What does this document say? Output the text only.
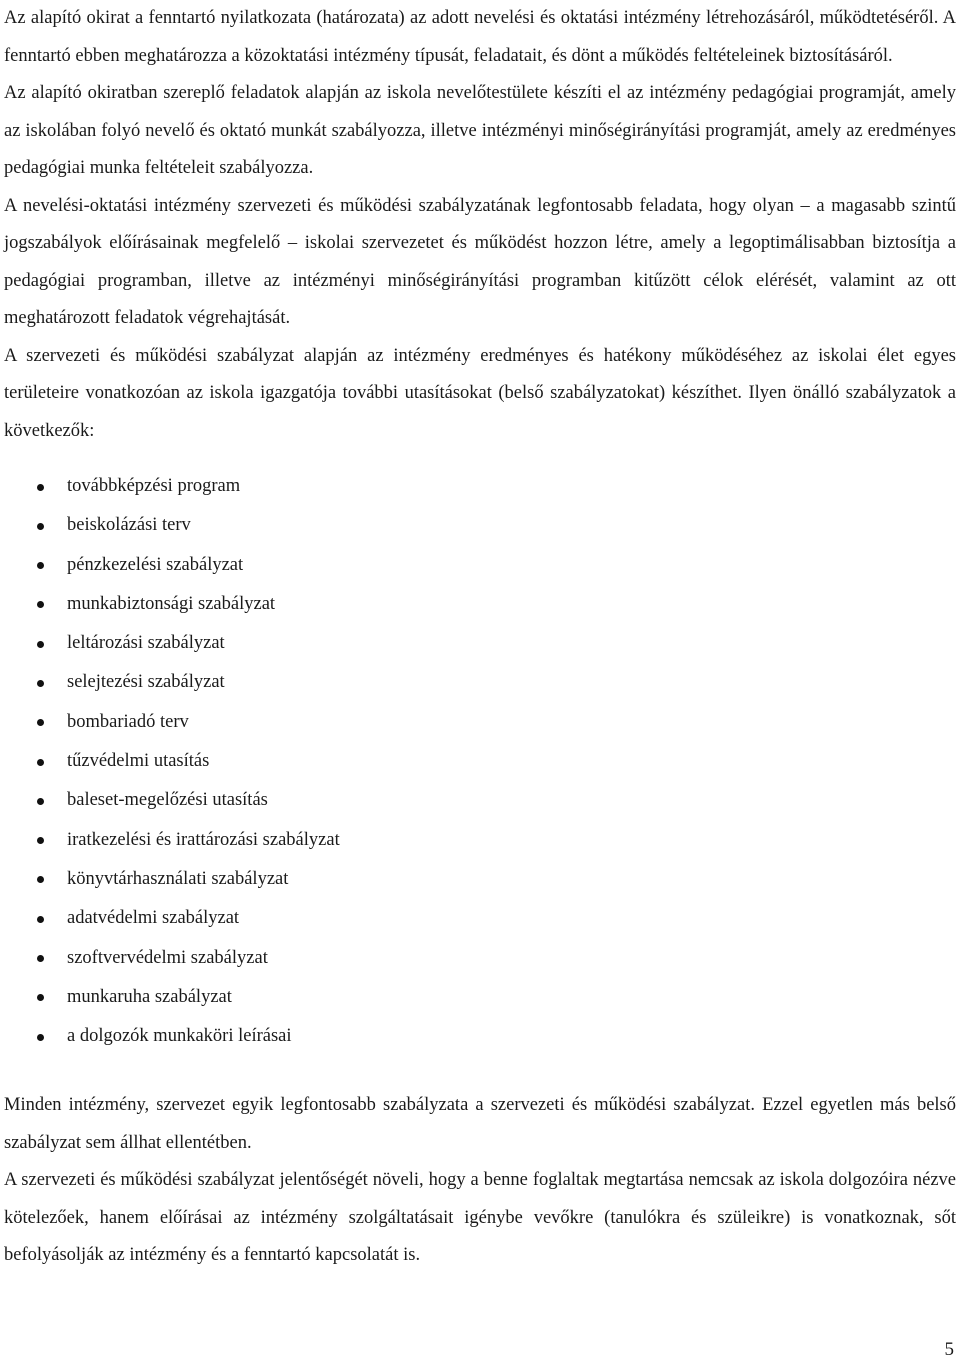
Az alapító okirat a fenntartó nyilatkozata (határozata) az adott nevelési és oktatási intézmény létrehozásáról, működtetéséről. A fenntartó ebben meghatározza a közoktatási intézmény típusát, feladatait, és dönt a működés feltételeinek biztosításáról.

Az alapító okiratban szereplő feladatok alapján az iskola nevelőtestülete készíti el az intézmény pedagógiai programját, amely az iskolában folyó nevelő és oktató munkát szabályozza, illetve intézményi minőségirányítási programját, amely az eredményes pedagógiai munka feltételeit szabályozza.

A nevelési-oktatási intézmény szervezeti és működési szabályzatának legfontosabb feladata, hogy olyan – a magasabb szintű jogszabályok előírásainak megfelelő – iskolai szervezetet és működést hozzon létre, amely a legoptimálisabban biztosítja a pedagógiai programban, illetve az intézményi minőségirányítási programban kitűzött célok elérését, valamint az ott meghatározott feladatok végrehajtását.

A szervezeti és működési szabályzat alapján az intézmény eredményes és hatékony működéséhez az iskolai élet egyes területeire vonatkozóan az iskola igazgatója további utasításokat (belső szabályzatokat) készíthet. Ilyen önálló szabályzatok a következők:

továbbképzési program
beiskolázási terv
pénzkezelési szabályzat
munkabiztonsági szabályzat
leltározási szabályzat
selejtezési szabályzat
bombariadó terv
tűzvédelmi utasítás
baleset-megelőzési utasítás
iratkezelési és irattározási szabályzat
könyvtárhasználati szabályzat
adatvédelmi szabályzat
szoftvervédelmi szabályzat
munkaruha szabályzat
a dolgozók munkaköri leírásai

Minden intézmény, szervezet egyik legfontosabb szabályzata a szervezeti és működési szabályzat. Ezzel egyetlen más belső szabályzat sem állhat ellentétben.

A szervezeti és működési szabályzat jelentőségét növeli, hogy a benne foglaltak megtartása nemcsak az iskola dolgozóira nézve kötelezőek, hanem előírásai az intézmény szolgáltatásait igénybe vevőkre (tanulókra és szüleikre) is vonatkoznak, sőt befolyásolják az intézmény és a fenntartó kapcsolatát is.

5
